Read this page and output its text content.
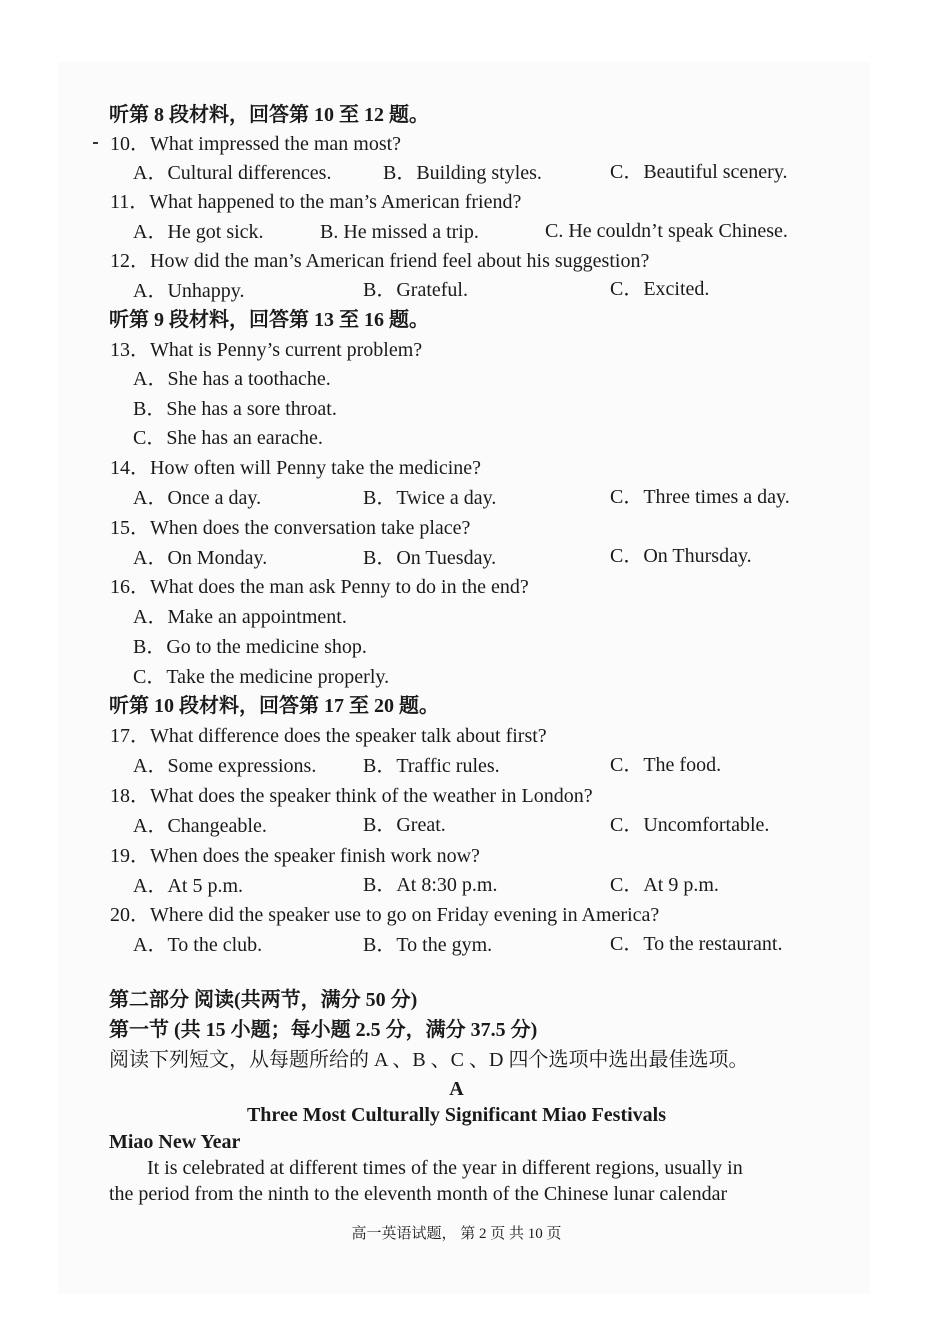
听第 8 段材料，回答第 10 至 12 题。
10．What impressed the man most?
A．Cultural differences.	B．Building styles.	C．Beautiful scenery.
11．What happened to the man’s American friend?
A．He got sick.	B. He missed a trip.	C. He couldn’t speak Chinese.
12．How did the man’s American friend feel about his suggestion?
A．Unhappy.	B．Grateful.	C．Excited.
听第 9 段材料，回答第 13 至 16 题。
13．What is Penny’s current problem?
A．She has a toothache.
B．She has a sore throat.
C．She has an earache.
14．How often will Penny take the medicine?
A．Once a day.	B．Twice a day.	C．Three times a day.
15．When does the conversation take place?
A．On Monday.	B．On Tuesday.	C．On Thursday.
16．What does the man ask Penny to do in the end?
A．Make an appointment.
B．Go to the medicine shop.
C．Take the medicine properly.
听第 10 段材料，回答第 17 至 20 题。
17．What difference does the speaker talk about first?
A．Some expressions. B．Traffic rules.	C．The food.
18．What does the speaker think of the weather in London?
A．Changeable.	B．Great.	C．Uncomfortable.
19．When does the speaker finish work now?
A．At 5 p.m.	B．At 8:30 p.m.	C．At 9 p.m.
20．Where did the speaker use to go on Friday evening in America?
A．To the club.	B．To the gym.	C．To the restaurant.
第二部分 阅读(共两节，满分 50 分)
第一节 (共 15 小题；每小题 2.5 分，满分 37.5 分)
阅读下列短文，从每题所给的 A 、B 、C 、D 四个选项中选出最佳选项。
A
Three Most Culturally Significant Miao Festivals
Miao New Year
It is celebrated at different times of the year in different regions, usually in
the period from the ninth to the eleventh month of the Chinese lunar calendar
高一英语试题， 第 2 页 共 10 页
